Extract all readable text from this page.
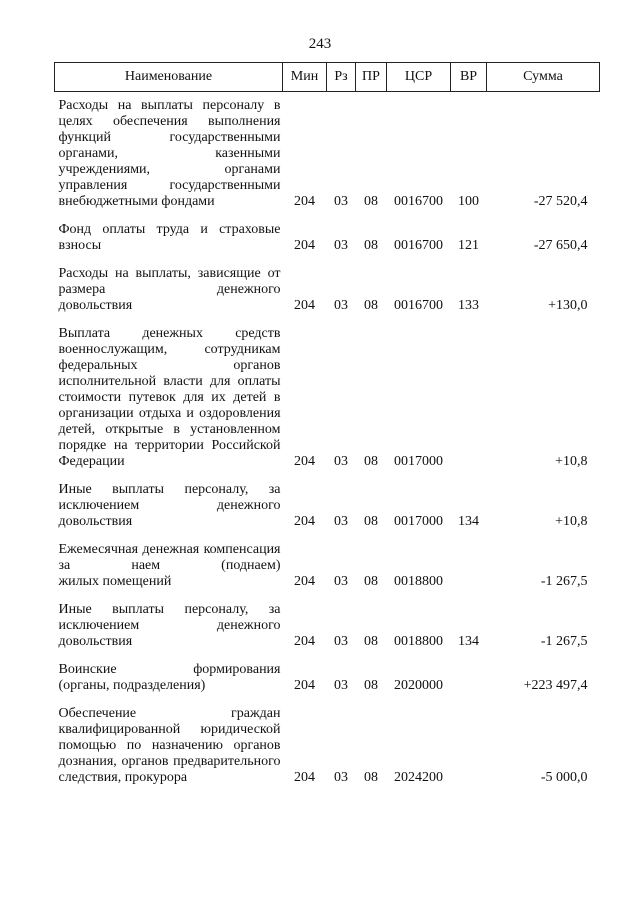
243
Наименование	Мин	Рз	ПР	ЦСР	ВР	Сумма
Расходы на выплаты персоналу в целях обеспечения выполнения функций государственными органами, казенными учреждениями, органами управления государственными
внебюджетными фондами	204	03	08	0016700	100	-27 520,4
Фонд оплаты труда и страховые
взносы	204	03	08	0016700	121	-27 650,4
Расходы на выплаты, зависящие от размера денежного
довольствия	204	03	08	0016700	133	+130,0
Выплата денежных средств военнослужащим, сотрудникам федеральных органов исполнительной власти для оплаты стоимости путевок для их детей в организации отдыха и оздоровления детей, открытые в установленном порядке на территории Российской
Федерации	204	03	08	0017000		+10,8
Иные выплаты персоналу, за исключением денежного
довольствия	204	03	08	0017000	134	+10,8
Ежемесячная денежная компенсация за наем (поднаем)
жилых помещений	204	03	08	0018800		-1 267,5
Иные выплаты персоналу, за исключением денежного
довольствия	204	03	08	0018800	134	-1 267,5
Воинские формирования
(органы, подразделения)	204	03	08	2020000		+223 497,4
Обеспечение граждан квалифицированной юридической помощью по назначению органов дознания, органов предварительного
следствия, прокурора	204	03	08	2024200		-5 000,0
